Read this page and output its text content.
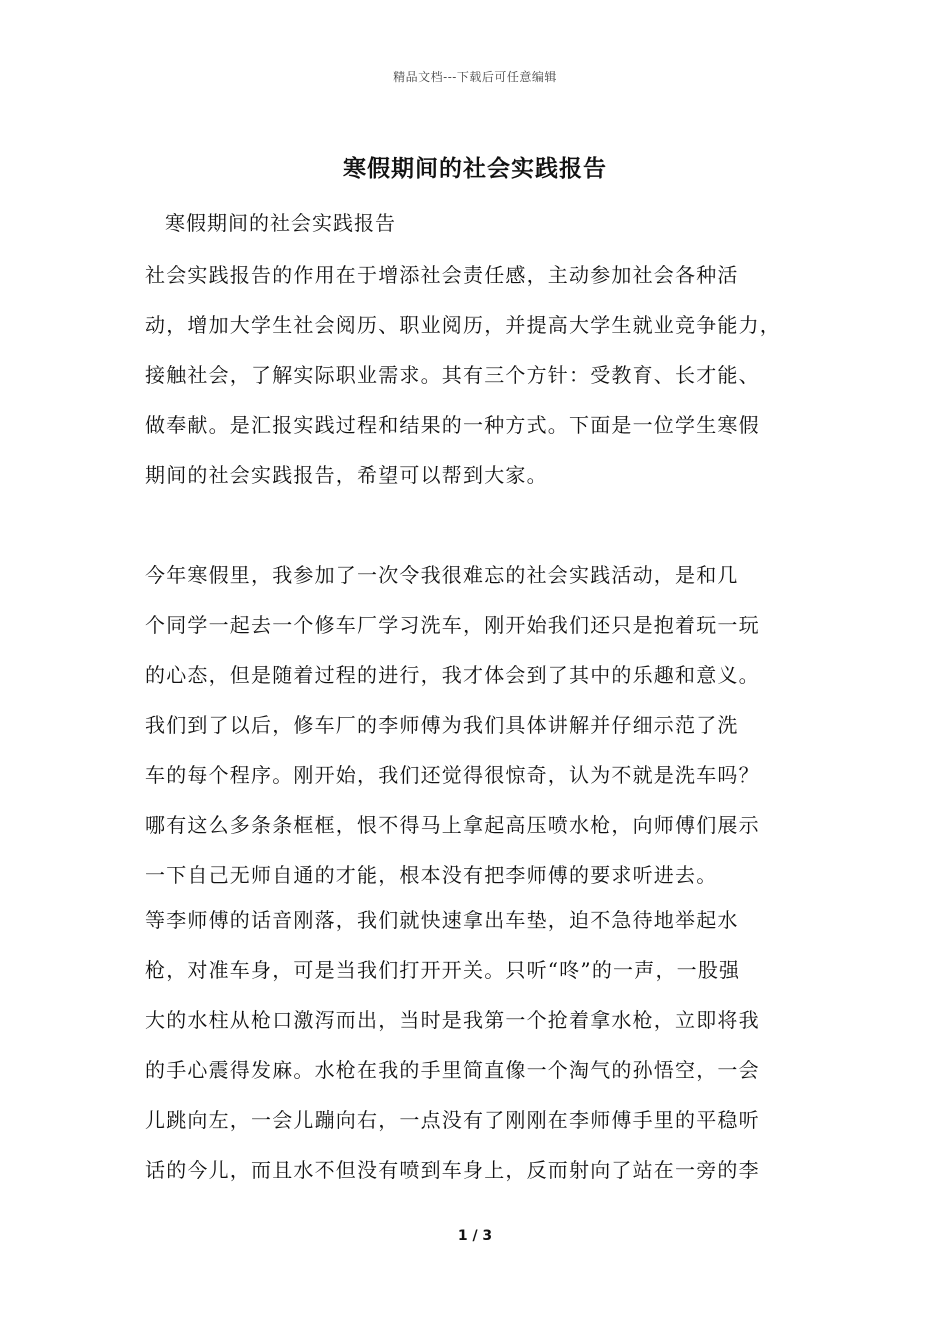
精品文档---下载后可任意编辑
寒假期间的社会实践报告
寒假期间的社会实践报告
社会实践报告的作用在于增添社会责任感，主动参加社会各种活
动，增加大学生社会阅历、职业阅历，并提高大学生就业竞争能力，
接触社会，了解实际职业需求。其有三个方针：受教育、长才能、
做奉献。是汇报实践过程和结果的一种方式。下面是一位学生寒假
期间的社会实践报告，希望可以帮到大家。
今年寒假里，我参加了一次令我很难忘的社会实践活动，是和几
个同学一起去一个修车厂学习洗车，刚开始我们还只是抱着玩一玩
的心态，但是随着过程的进行，我才体会到了其中的乐趣和意义。
我们到了以后，修车厂的李师傅为我们具体讲解并仔细示范了洗
车的每个程序。刚开始，我们还觉得很惊奇，认为不就是洗车吗？
哪有这么多条条框框，恨不得马上拿起高压喷水枪，向师傅们展示
一下自己无师自通的才能，根本没有把李师傅的要求听进去。
等李师傅的话音刚落，我们就快速拿出车垫，迫不急待地举起水
枪，对准车身，可是当我们打开开关。只听“咚”的一声，一股强
大的水柱从枪口激泻而出，当时是我第一个抢着拿水枪，立即将我
的手心震得发麻。水枪在我的手里简直像一个淘气的孙悟空，一会
儿跳向左，一会儿蹦向右，一点没有了刚刚在李师傅手里的平稳听
话的今儿，而且水不但没有喷到车身上，反而射向了站在一旁的李
1 / 3
